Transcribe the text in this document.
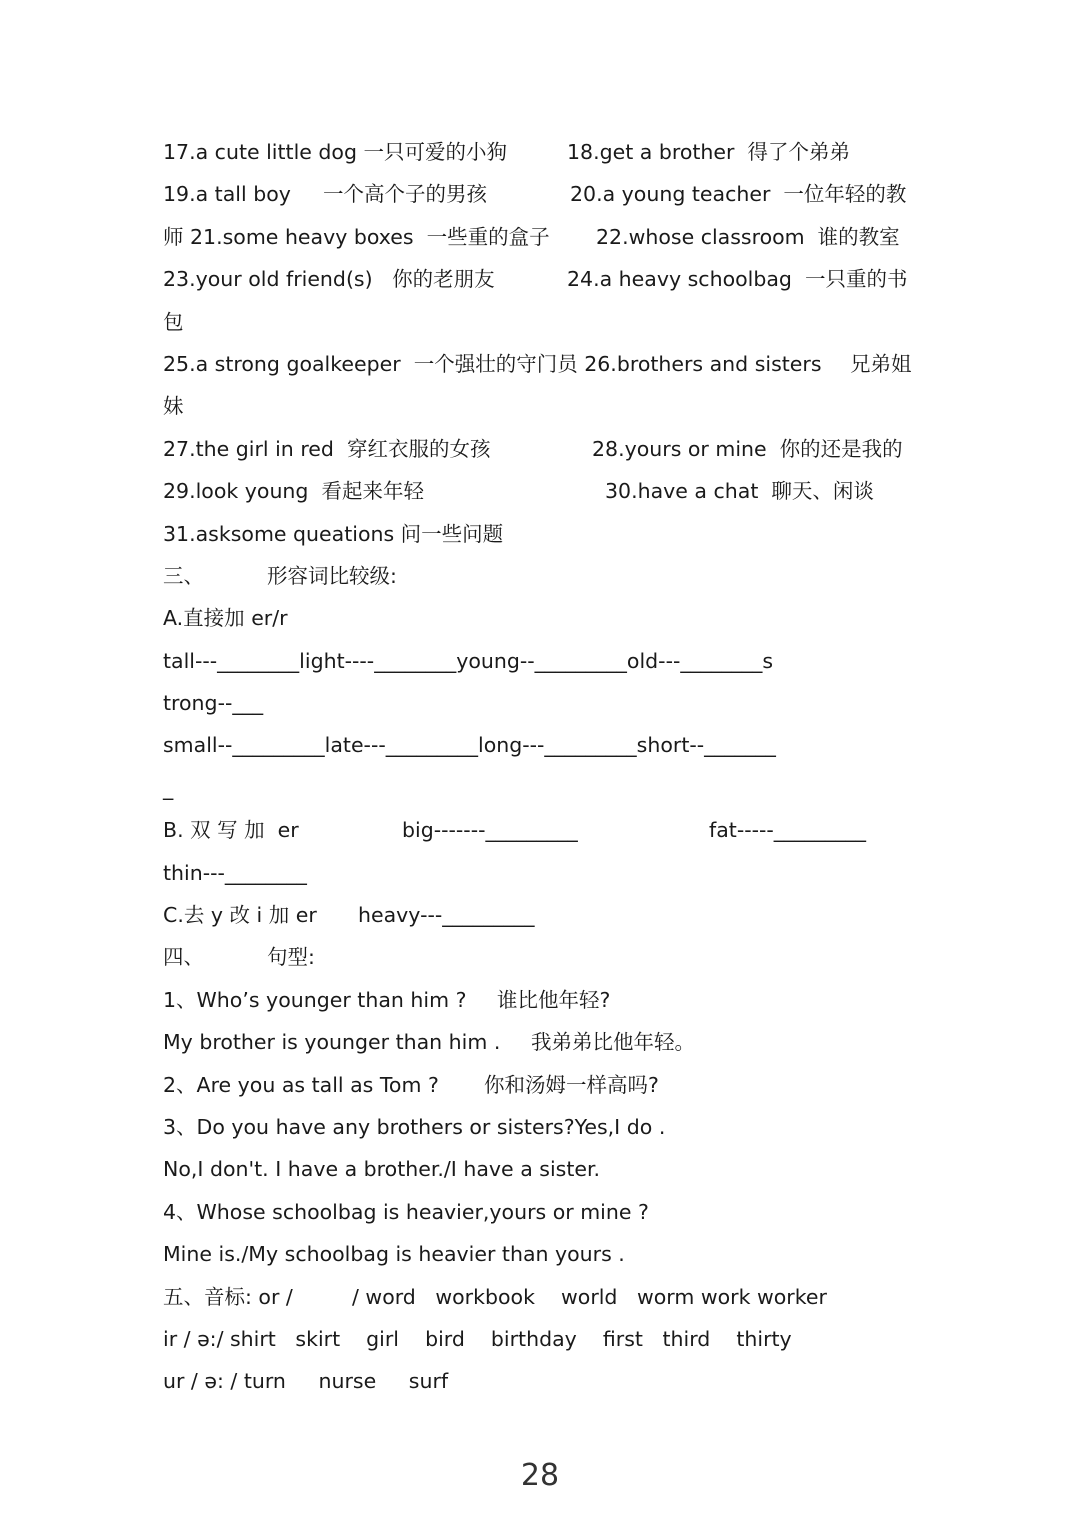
17.a cute little dog 一只可爱的小狗

	18.get a brother  得了个弟弟

19.a tall boy

一个高个子的男孩

	20.a young teacher  一位年轻的教

师 21.some heavy boxes  一些重的盒子

22.whose classroom  谁的教室

23.your old friend(s)   你的老朋友

	24.a heavy schoolbag  一只重的书

包

25.a strong goalkeeper  一个强壮的守门员 26.brothers and sisters

兄弟姐

妹

27.the girl in red  穿红衣服的女孩

	28.yours or mine  你的还是我的

29.look young  看起来年轻

	30.have a chat  聊天、闲谈

31.asksome queations 问一些问题

三、

	形容词比较级:

A.直接加 er/r

tall---________light----________young--_________old---________s

trong--___

small--_________late---_________long---_________short--_______

_

B. 双 写 加  er

	big-------_________

	fat-----_________

thin---________

C.去 y 改 i 加 er

heavy---_________

四、

	句型:

1、Who’s younger than him ?

谁比他年轻?

My brother is younger than him .

我弟弟比他年轻。

2、Are you as tall as Tom ?

你和汤姆一样高吗?

3、Do you have any brothers or sisters?Yes,I do .

No,I don't. I have a brother./I have a sister.

4、Whose schoolbag is heavier,yours or mine ?

Mine is./My schoolbag is heavier than yours .

五、音标: or /

	/ word   workbook    world   worm work worker

ir / ə:/ shirt   skirt    girl    bird    birthday    first   third    thirty

ur / ə: / turn     nurse     surf

28
